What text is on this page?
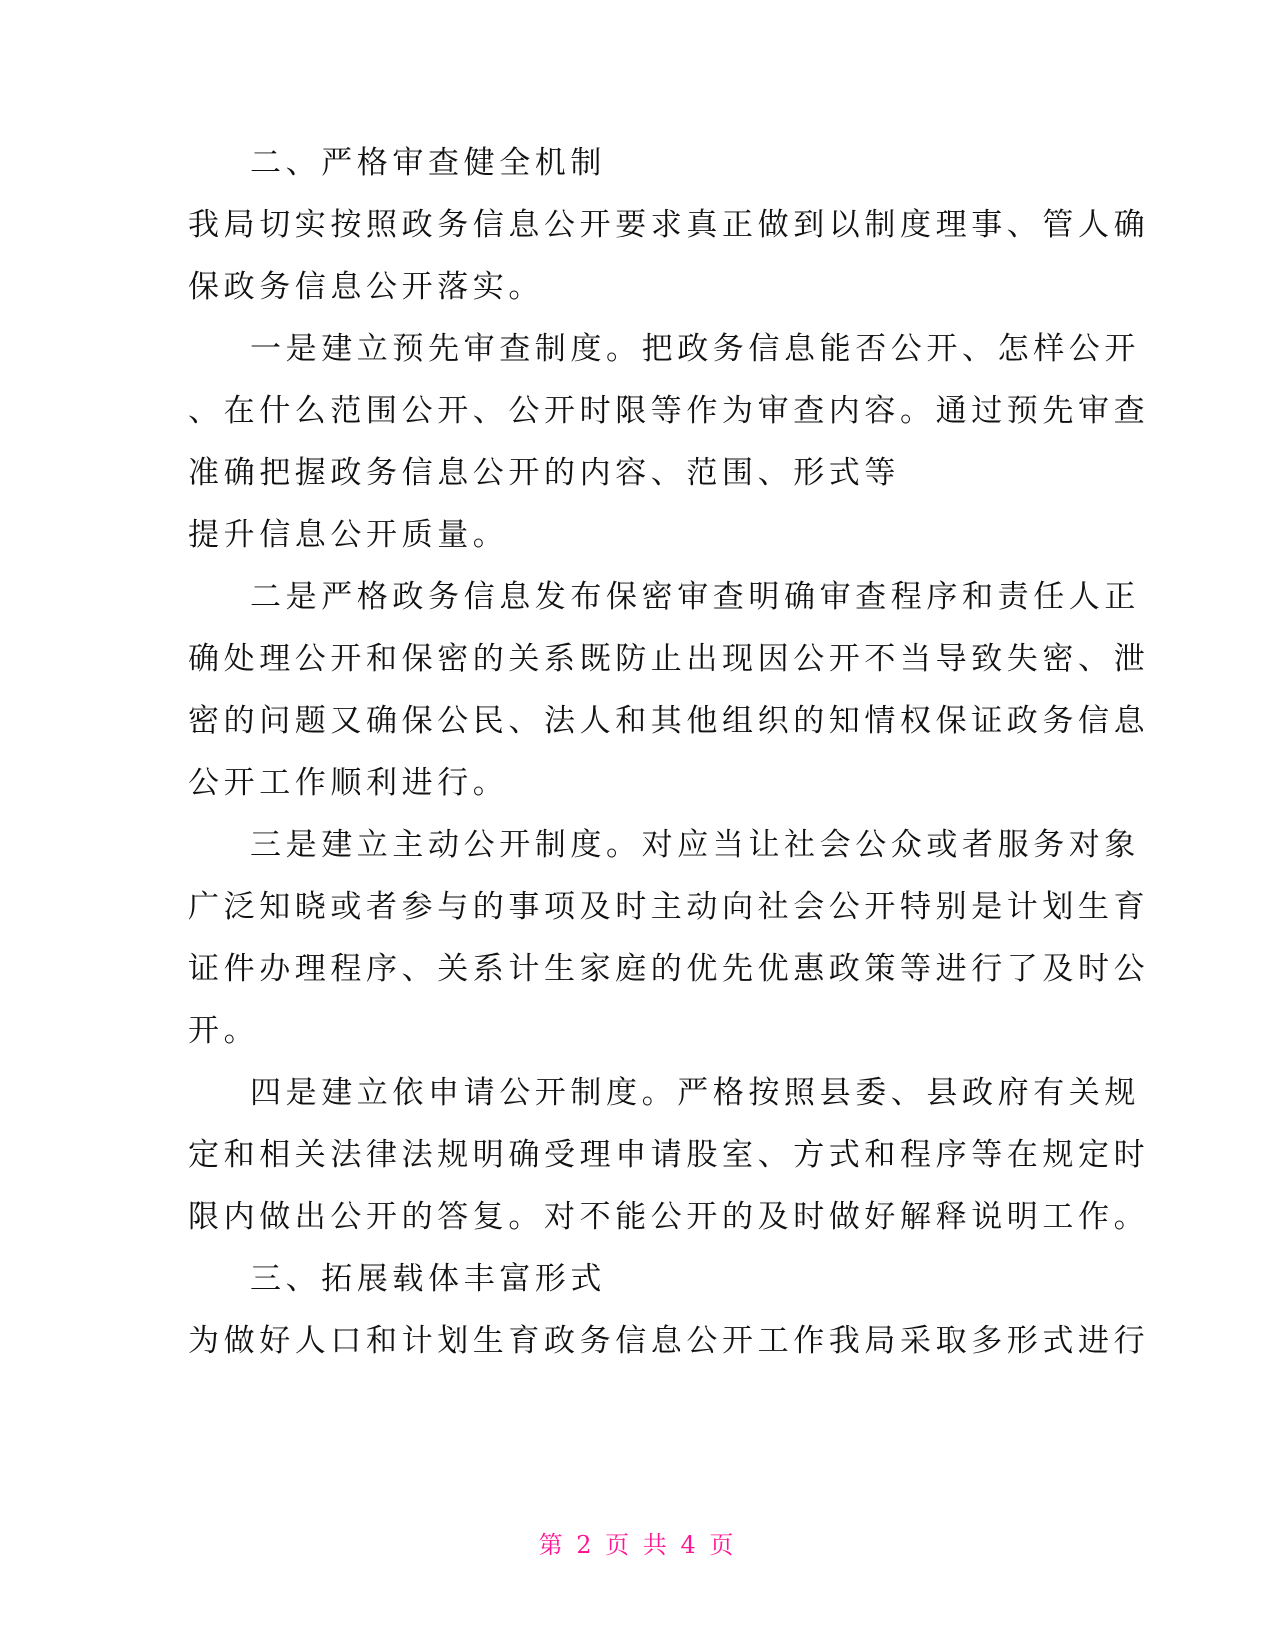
二、严格审查健全机制
我局切实按照政务信息公开要求真正做到以制度理事、管人确
保政务信息公开落实。
一是建立预先审查制度。把政务信息能否公开、怎样公开
、在什么范围公开、公开时限等作为审查内容。通过预先审查
准确把握政务信息公开的内容、范围、形式等
提升信息公开质量。
二是严格政务信息发布保密审查明确审查程序和责任人正
确处理公开和保密的关系既防止出现因公开不当导致失密、泄
密的问题又确保公民、法人和其他组织的知情权保证政务信息
公开工作顺利进行。
三是建立主动公开制度。对应当让社会公众或者服务对象
广泛知晓或者参与的事项及时主动向社会公开特别是计划生育
证件办理程序、关系计生家庭的优先优惠政策等进行了及时公
开。
四是建立依申请公开制度。严格按照县委、县政府有关规
定和相关法律法规明确受理申请股室、方式和程序等在规定时
限内做出公开的答复。对不能公开的及时做好解释说明工作。
三、拓展载体丰富形式
为做好人口和计划生育政务信息公开工作我局采取多形式进行
第 2 页 共 4 页
